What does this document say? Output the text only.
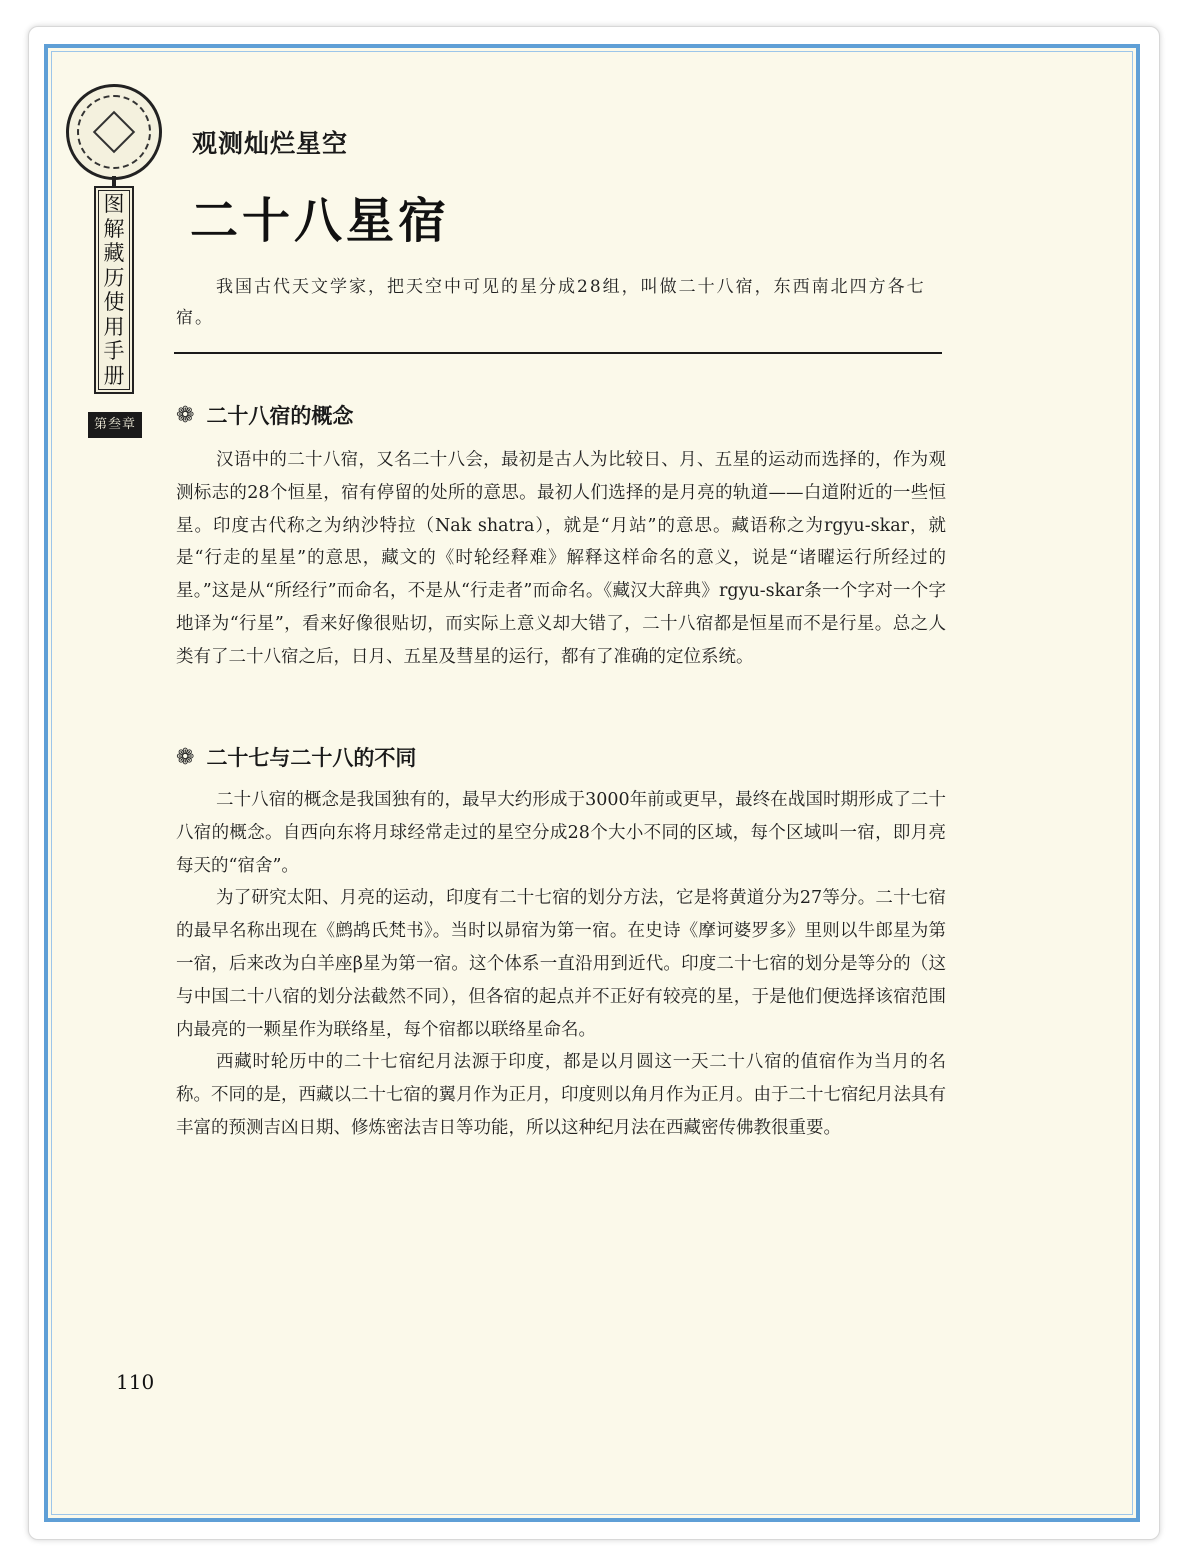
图
解
藏
历
使
用
手
册
第叁章
观测灿烂星空
二十八星宿

我国古代天文学家，把天空中可见的星分成28组，叫做二十八宿，东西南北四方各七宿。

❁ 二十八宿的概念

汉语中的二十八宿，又名二十八会，最初是古人为比较日、月、五星的运动而选择的，作为观测标志的28个恒星，宿有停留的处所的意思。最初人们选择的是月亮的轨道——白道附近的一些恒星。印度古代称之为纳沙特拉（Nak shatra），就是“月站”的意思。藏语称之为rgyu-skar，就是“行走的星星”的意思，藏文的《时轮经释难》解释这样命名的意义，说是“诸曜运行所经过的星。”这是从“所经行”而命名，不是从“行走者”而命名。《藏汉大辞典》rgyu-skar条一个字对一个字地译为“行星”，看来好像很贴切，而实际上意义却大错了，二十八宿都是恒星而不是行星。总之人类有了二十八宿之后，日月、五星及彗星的运行，都有了准确的定位系统。

❁ 二十七与二十八的不同

二十八宿的概念是我国独有的，最早大约形成于3000年前或更早，最终在战国时期形成了二十八宿的概念。自西向东将月球经常走过的星空分成28个大小不同的区域，每个区域叫一宿，即月亮每天的“宿舍”。

为了研究太阳、月亮的运动，印度有二十七宿的划分方法，它是将黄道分为27等分。二十七宿的最早名称出现在《鹧鸪氏梵书》。当时以昴宿为第一宿。在史诗《摩诃婆罗多》里则以牛郎星为第一宿，后来改为白羊座β星为第一宿。这个体系一直沿用到近代。印度二十七宿的划分是等分的（这与中国二十八宿的划分法截然不同），但各宿的起点并不正好有较亮的星，于是他们便选择该宿范围内最亮的一颗星作为联络星，每个宿都以联络星命名。

西藏时轮历中的二十七宿纪月法源于印度，都是以月圆这一天二十八宿的值宿作为当月的名称。不同的是，西藏以二十七宿的翼月作为正月，印度则以角月作为正月。由于二十七宿纪月法具有丰富的预测吉凶日期、修炼密法吉日等功能，所以这种纪月法在西藏密传佛教很重要。

110
